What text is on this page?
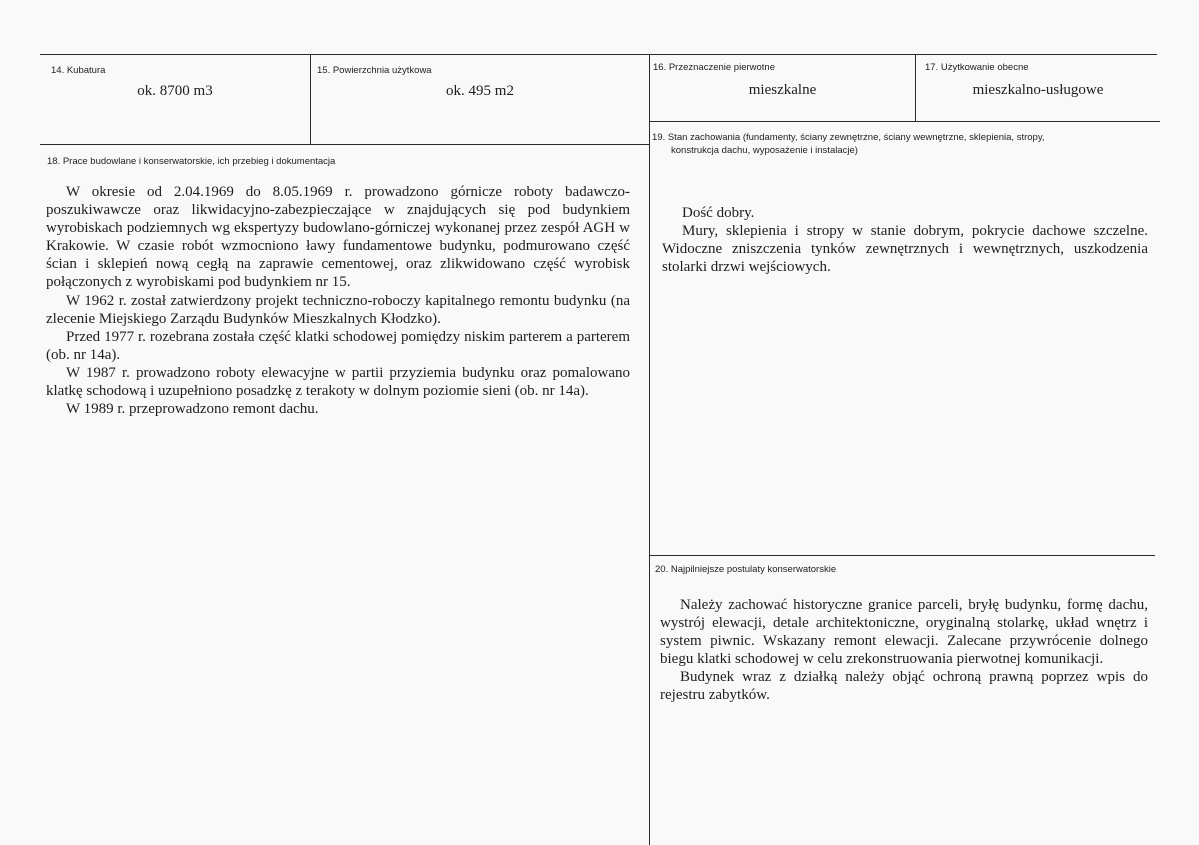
14. Kubatura
ok. 8700 m3
15. Powierzchnia użytkowa
ok. 495 m2
16. Przeznaczenie pierwotne
mieszkalne
17. Użytkowanie obecne
mieszkalno-usługowe
18. Prace budowlane i konserwatorskie, ich przebieg i dokumentacja

W okresie od 2.04.1969 do 8.05.1969 r. prowadzono górnicze roboty badawczo- poszukiwawcze oraz likwidacyjno-zabezpieczające w znajdujących się pod budynkiem wyrobiskach podziemnych wg ekspertyzy budowlano-górniczej wykonanej przez zespół AGH w Krakowie. W czasie robót wzmocniono ławy fundamentowe budynku, podmurowano część ścian i sklepień nową cegłą na zaprawie cementowej, oraz zlikwidowano część wyrobisk połączonych z wyrobiskami pod budynkiem nr 15.

W 1962 r. został zatwierdzony projekt techniczno-roboczy kapitalnego remontu budynku (na zlecenie Miejskiego Zarządu Budynków Mieszkalnych Kłodzko).

Przed 1977 r. rozebrana została część klatki schodowej pomiędzy niskim parterem a parterem (ob. nr 14a).

W 1987 r. prowadzono roboty elewacyjne w partii przyziemia budynku oraz pomalowano klatkę schodową i uzupełniono posadzkę z terakoty w dolnym poziomie sieni (ob. nr 14a).

W 1989 r. przeprowadzono remont dachu.

19. Stan zachowania (fundamenty, ściany zewnętrzne, ściany wewnętrzne, sklepienia, stropy,
konstrukcja dachu, wyposażenie i instalacje)

Dość dobry.

Mury, sklepienia i stropy w stanie dobrym, pokrycie dachowe szczelne. Widoczne zniszczenia tynków zewnętrznych i wewnętrznych, uszkodzenia stolarki drzwi wejściowych.

20. Najpilniejsze postulaty konserwatorskie

Należy zachować historyczne granice parceli, bryłę budynku, formę dachu, wystrój elewacji, detale architektoniczne, oryginalną stolarkę, układ wnętrz i system piwnic. Wskazany remont elewacji. Zalecane przywrócenie dolnego biegu klatki schodowej w celu zrekonstruowania pierwotnej komunikacji.

Budynek wraz z działką należy objąć ochroną prawną poprzez wpis do rejestru zabytków.
